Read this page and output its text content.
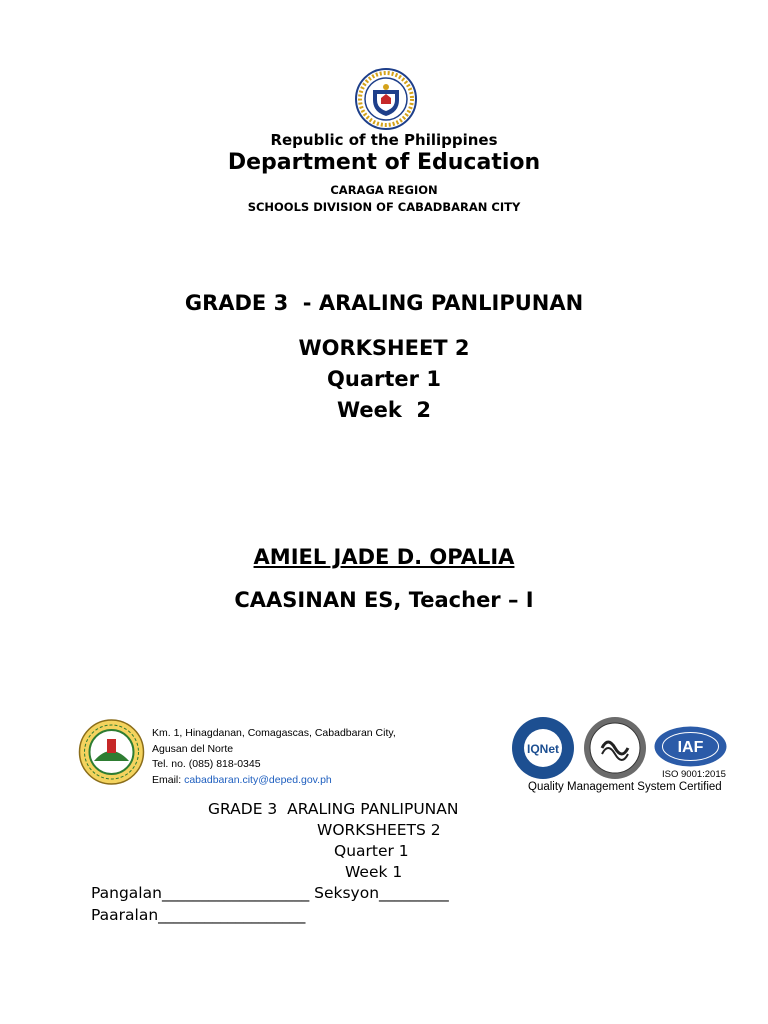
Republic of the Philippines
Department of Education
CARAGA REGION
SCHOOLS DIVISION OF CABADBARAN CITY
GRADE 3  - ARALING PANLIPUNAN
WORKSHEET 2
Quarter 1
Week  2
AMIEL JADE D. OPALIA
CAASINAN ES, Teacher – I
Km. 1, Hinagdanan, Comagascas, Cabadbaran City,
Agusan del Norte
Tel. no. (085) 818-0345
Email: cabadbaran.city@deped.gov.ph
IQNet	IAF
ISO 9001:2015
Quality Management System Certified
GRADE 3  ARALING PANLIPUNAN
WORKSHEETS 2
Quarter 1
Week 1
Pangalan___________________ Seksyon_________
Paaralan___________________
